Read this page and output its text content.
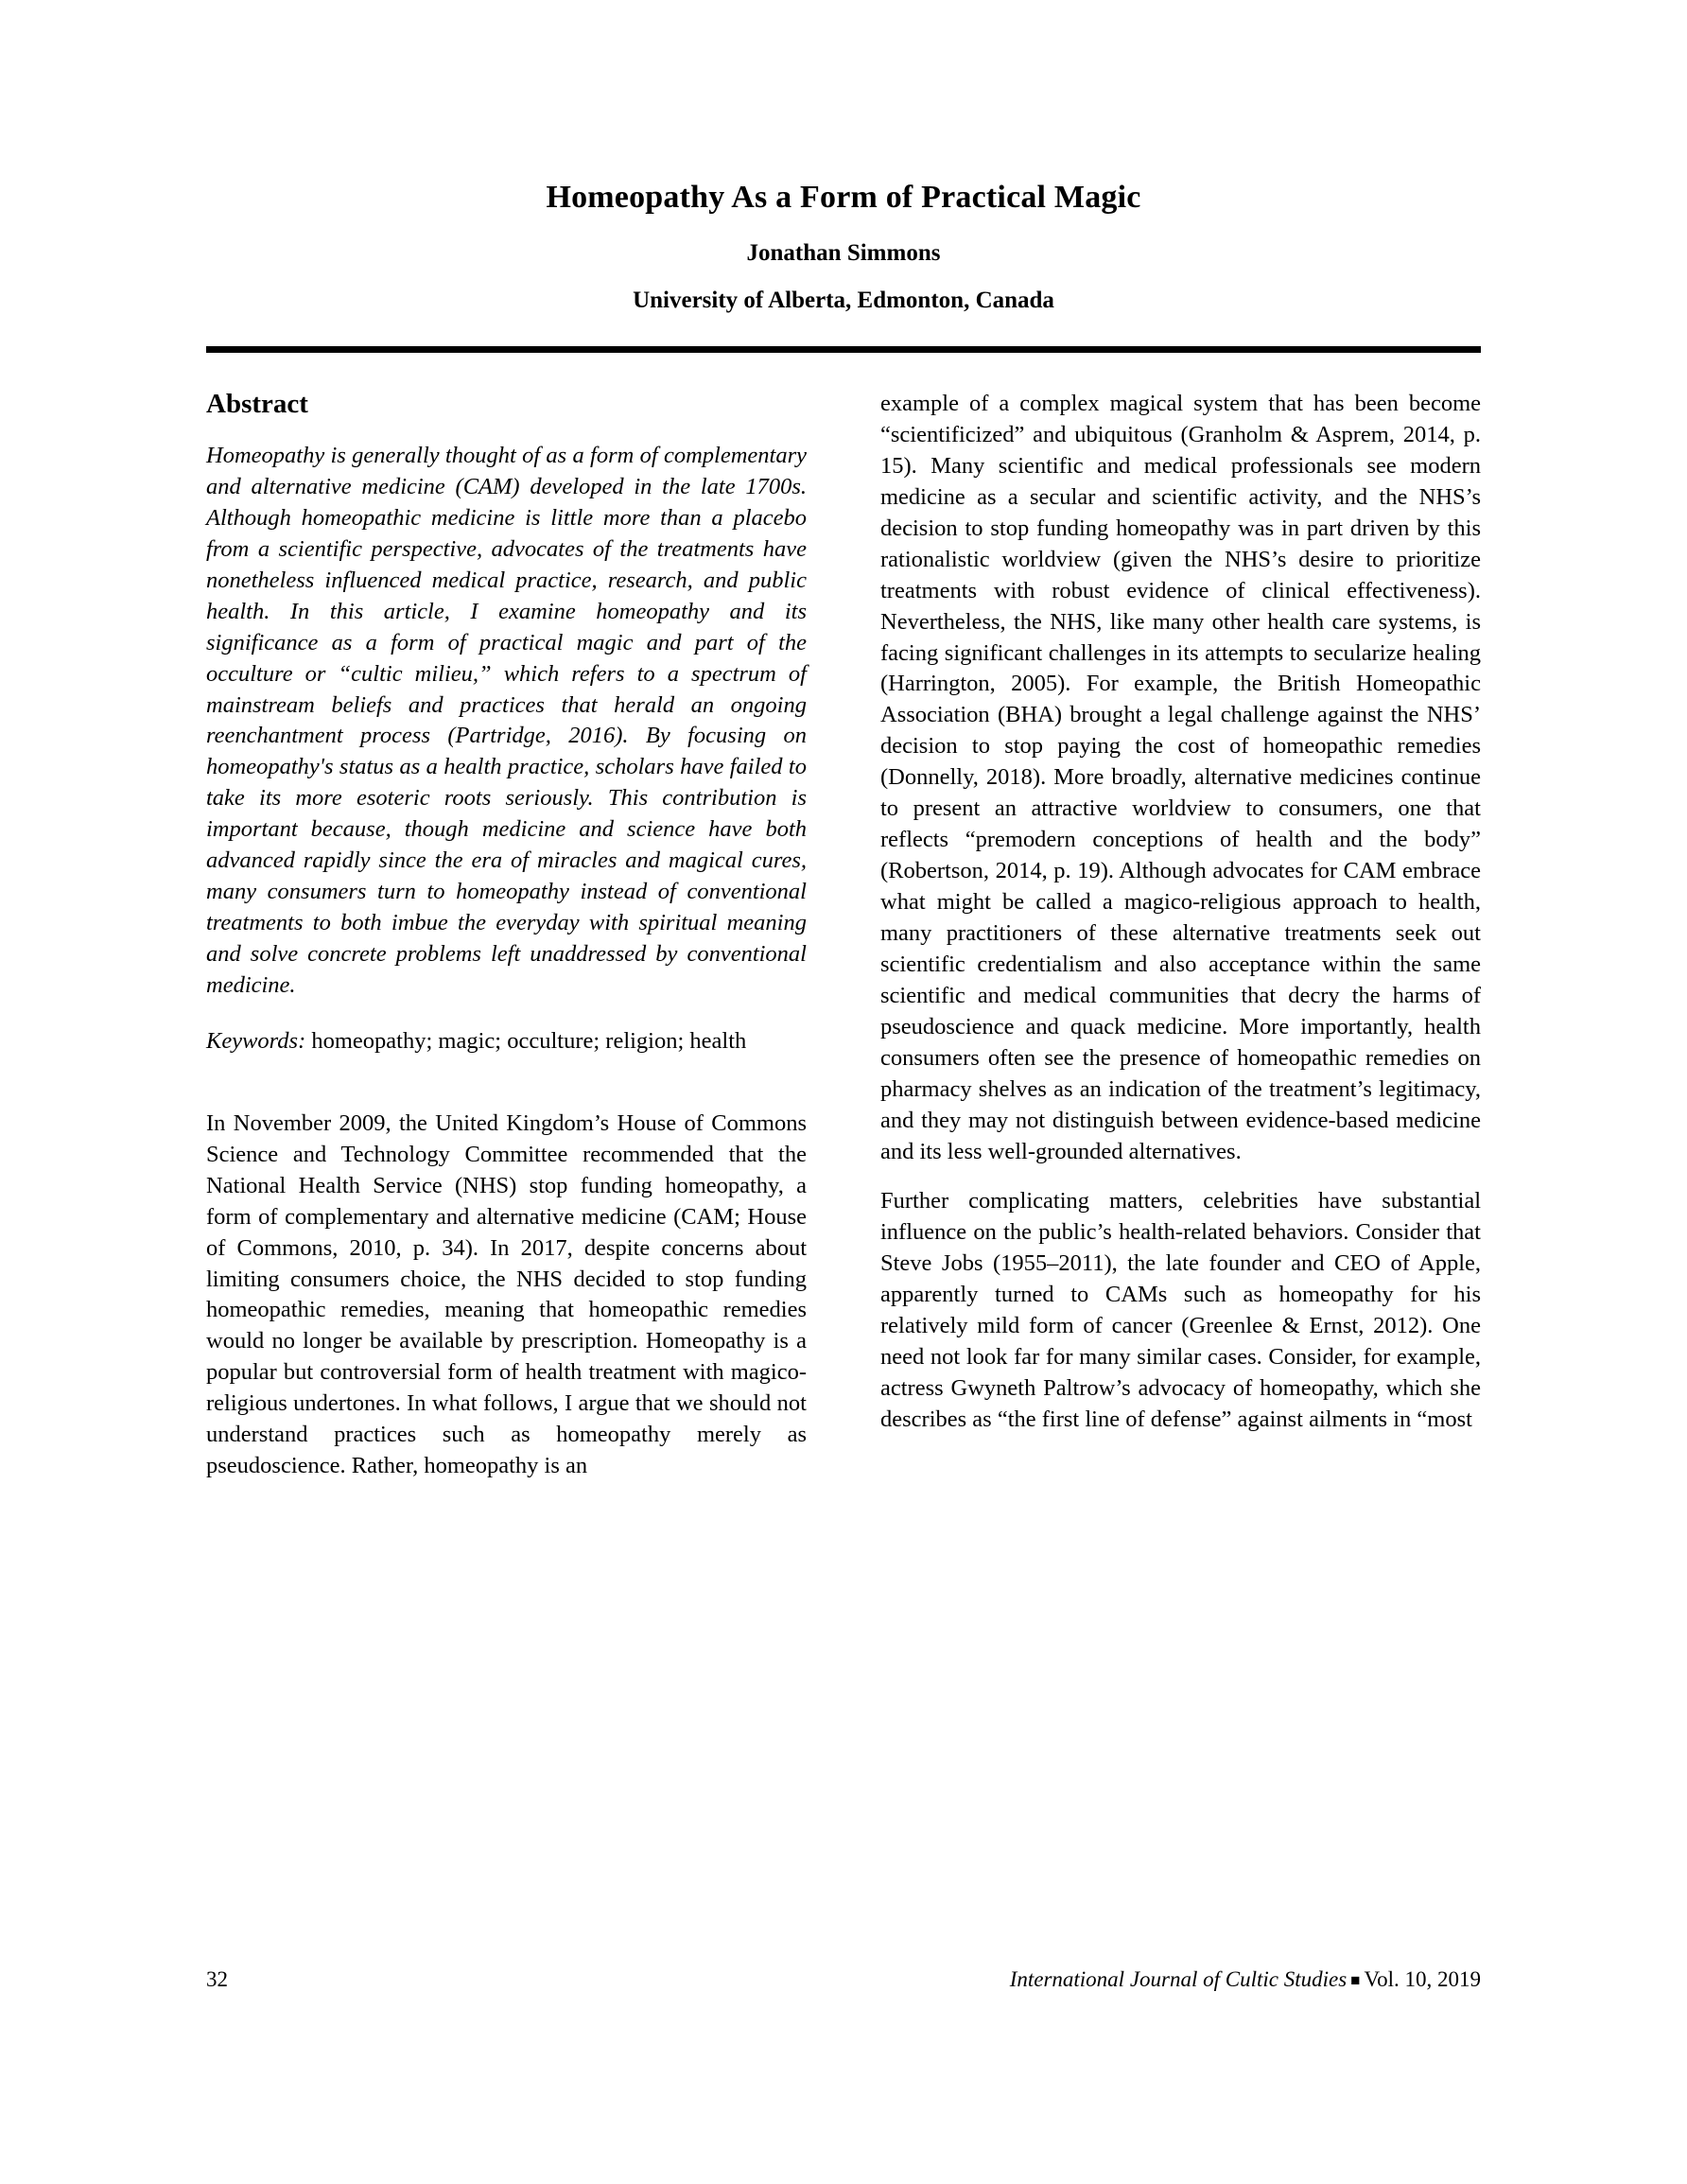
Homeopathy As a Form of Practical Magic
Jonathan Simmons
University of Alberta, Edmonton, Canada
Abstract

Homeopathy is generally thought of as a form of complementary and alternative medicine (CAM) developed in the late 1700s. Although homeopathic medicine is little more than a placebo from a scientific perspective, advocates of the treatments have nonetheless influenced medical practice, research, and public health. In this article, I examine homeopathy and its significance as a form of practical magic and part of the occulture or “cultic milieu,” which refers to a spectrum of mainstream beliefs and practices that herald an ongoing reenchantment process (Partridge, 2016). By focusing on homeopathy's status as a health practice, scholars have failed to take its more esoteric roots seriously. This contribution is important because, though medicine and science have both advanced rapidly since the era of miracles and magical cures, many consumers turn to homeopathy instead of conventional treatments to both imbue the everyday with spiritual meaning and solve concrete problems left unaddressed by conventional medicine.

Keywords: homeopathy; magic; occulture; religion; health

In November 2009, the United Kingdom’s House of Commons Science and Technology Committee recommended that the National Health Service (NHS) stop funding homeopathy, a form of complementary and alternative medicine (CAM; House of Commons, 2010, p. 34). In 2017, despite concerns about limiting consumers choice, the NHS decided to stop funding homeopathic remedies, meaning that homeopathic remedies would no longer be available by prescription. Homeopathy is a popular but controversial form of health treatment with magico-religious undertones. In what follows, I argue that we should not understand practices such as homeopathy merely as pseudoscience. Rather, homeopathy is an

example of a complex magical system that has been become “scientificized” and ubiquitous (Granholm & Asprem, 2014, p. 15). Many scientific and medical professionals see modern medicine as a secular and scientific activity, and the NHS’s decision to stop funding homeopathy was in part driven by this rationalistic worldview (given the NHS’s desire to prioritize treatments with robust evidence of clinical effectiveness). Nevertheless, the NHS, like many other health care systems, is facing significant challenges in its attempts to secularize healing (Harrington, 2005). For example, the British Homeopathic Association (BHA) brought a legal challenge against the NHS’ decision to stop paying the cost of homeopathic remedies (Donnelly, 2018). More broadly, alternative medicines continue to present an attractive worldview to consumers, one that reflects “premodern conceptions of health and the body” (Robertson, 2014, p. 19). Although advocates for CAM embrace what might be called a magico-religious approach to health, many practitioners of these alternative treatments seek out scientific credentialism and also acceptance within the same scientific and medical communities that decry the harms of pseudoscience and quack medicine. More importantly, health consumers often see the presence of homeopathic remedies on pharmacy shelves as an indication of the treatment’s legitimacy, and they may not distinguish between evidence-based medicine and its less well-grounded alternatives.

Further complicating matters, celebrities have substantial influence on the public’s health-related behaviors. Consider that Steve Jobs (1955–2011), the late founder and CEO of Apple, apparently turned to CAMs such as homeopathy for his relatively mild form of cancer (Greenlee & Ernst, 2012). One need not look far for many similar cases. Consider, for example, actress Gwyneth Paltrow’s advocacy of homeopathy, which she describes as “the first line of defense” against ailments in “most

32	International Journal of Cultic Studies ■ Vol. 10, 2019
